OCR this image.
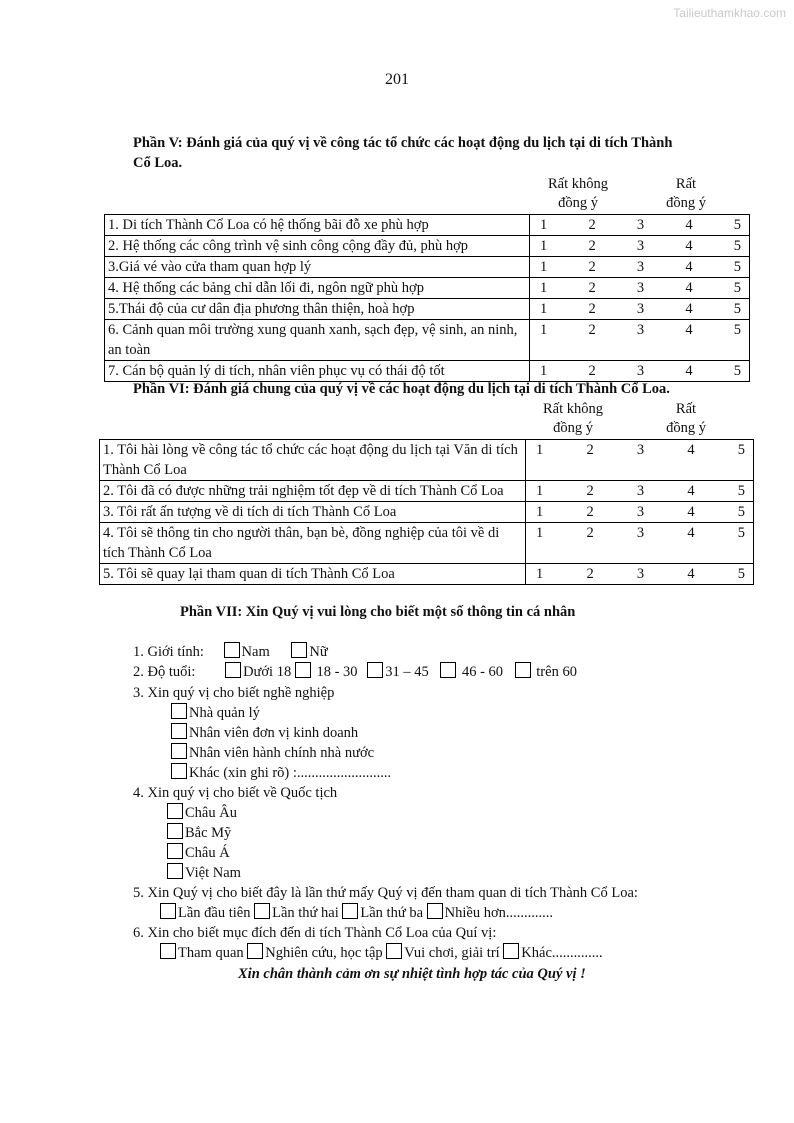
Tailieuthamkhao.com
201
Phần V: Đánh giá của quý vị về công tác tổ chức các hoạt động du lịch tại di tích Thành
Cổ Loa.
Rất không
đồng ý
Rất
đồng ý
1. Di tích Thành Cổ Loa có hệ thống bãi đỗ xe phù hợp	1 2 3 4 5

2. Hệ thống các công trình vệ sinh công cộng đầy đủ, phù hợp	1 2 3 4 5

3.Giá vé vào cửa tham quan hợp lý	1 2 3 4 5

4. Hệ thống các bảng chỉ dẫn lối đi, ngôn ngữ phù hợp	1 2 3 4 5

5.Thái độ của cư dân địa phương thân thiện, hoà hợp	1 2 3 4 5

6. Cảnh quan môi trường xung quanh xanh, sạch đẹp, vệ sinh, an ninh, an toàn	1 2 3 4 5

7. Cán bộ quản lý di tích, nhân viên phục vụ có thái độ tốt	1 2 3 4 5
Phần VI: Đánh giá chung của quý vị về các hoạt động du lịch tại di tích Thành Cổ Loa.
Rất không
đồng ý
Rất
đồng ý
1. Tôi hài lòng về công tác tổ chức các hoạt động du lịch tại Văn di tích Thành Cổ Loa	1 2 3 4 5

2. Tôi đã có được những trải nghiệm tốt đẹp về di tích Thành Cổ Loa	1 2 3 4 5

3. Tôi rất ấn tượng về di tích di tích Thành Cổ Loa	1 2 3 4 5

4. Tôi sẽ thông tin cho người thân, bạn bè, đồng nghiệp của tôi về di tích Thành Cổ Loa	1 2 3 4 5

5. Tôi sẽ quay lại tham quan di tích Thành Cổ Loa	1 2 3 4 5
Phần VII: Xin Quý vị vui lòng cho biết một số thông tin cá nhân
1. Giới tính:	Nam	Nữ
2. Độ tuổi:	Dưới 18 18 - 30 31 – 45 46 - 60 trên 60
3. Xin quý vị cho biết nghề nghiệp
Nhà quản lý
Nhân viên đơn vị kinh doanh
Nhân viên hành chính nhà nước
Khác (xin ghi rõ) :..........................
4. Xin quý vị cho biết về Quốc tịch
Châu Âu
Bắc Mỹ
Châu Á
Việt Nam
5. Xin Quý vị cho biết đây là lần thứ mấy Quý vị đến tham quan di tích Thành Cổ Loa:
Lần đầu tiên Lần thứ hai Lần thứ ba Nhiều hơn.............
6. Xin cho biết mục đích đến di tích Thành Cổ Loa của Quí vị:
Tham quan Nghiên cứu, học tập Vui chơi, giải trí Khác..............
Xin chân thành cảm ơn sự nhiệt tình hợp tác của Quý vị !
